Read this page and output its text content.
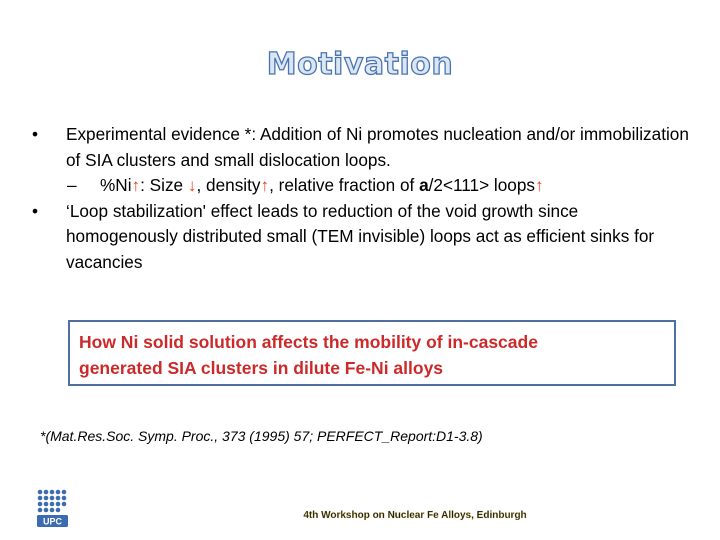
Motivation
• Experimental evidence *: Addition of Ni promotes nucleation and/or immobilization of SIA clusters and small dislocation loops.
– %Ni↑: Size ↓, density↑, relative fraction of a/2<111> loops↑
• ‘Loop stabilization' effect leads to reduction of the void growth since homogenously distributed small (TEM invisible) loops act as efficient sinks for vacancies
How Ni solid solution affects the mobility of in-cascade
generated SIA clusters in dilute Fe-Ni alloys
*(Mat.Res.Soc. Symp. Proc., 373 (1995) 57; PERFECT_Report:D1-3.8)
UPC
4th Workshop on Nuclear Fe Alloys, Edinburgh
